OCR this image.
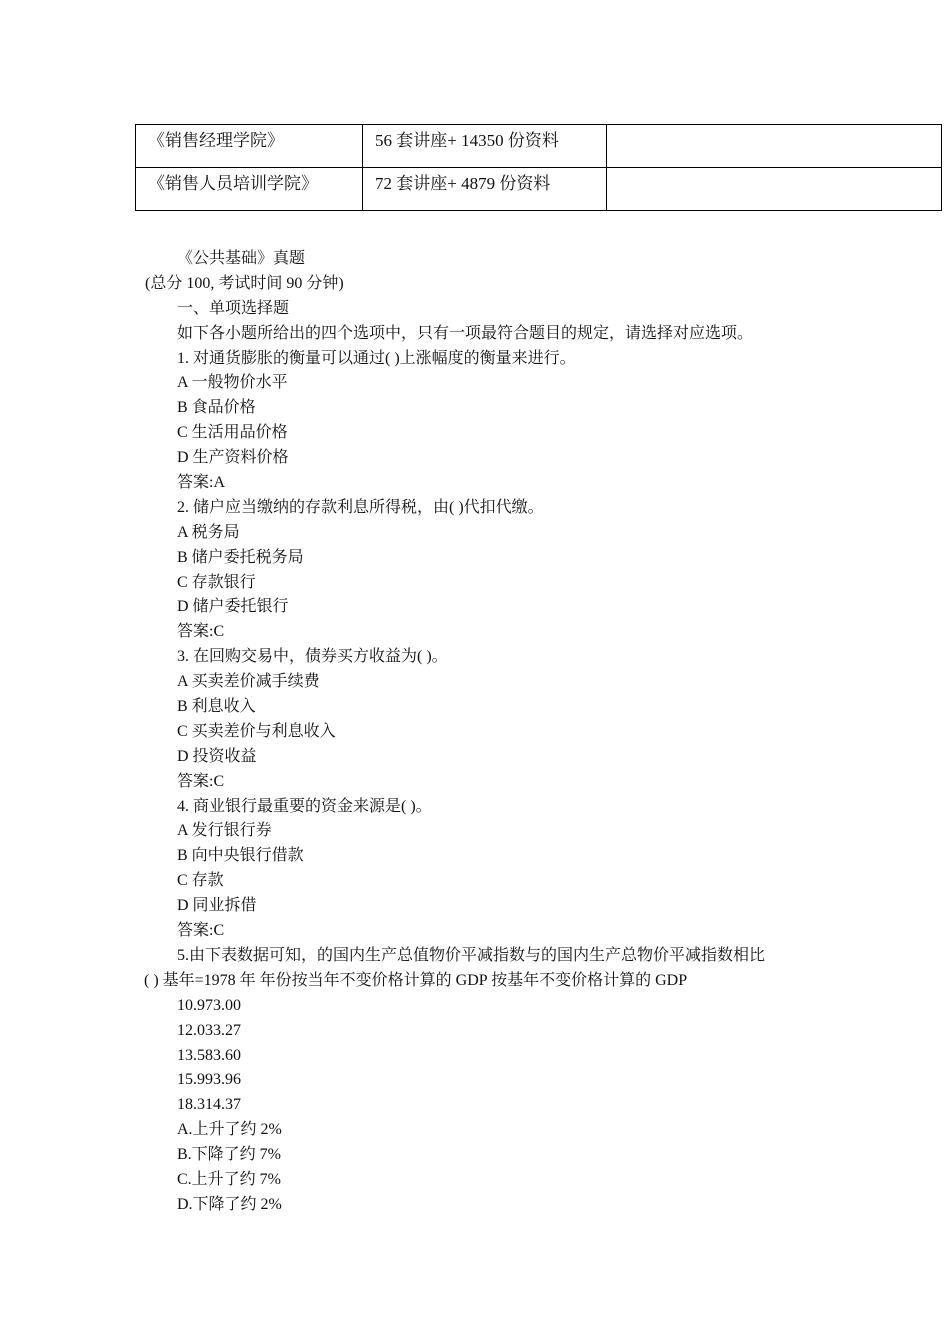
《销售经理学院》	56 套讲座+ 14350 份资料	
《销售人员培训学院》	72 套讲座+ 4879 份资料	
《公共基础》真题
(总分 100, 考试时间 90 分钟)
一、单项选择题
如下各小题所给出的四个选项中，只有一项最符合题目的规定，请选择对应选项。
1. 对通货膨胀的衡量可以通过( )上涨幅度的衡量来进行。
A 一般物价水平
B 食品价格
C 生活用品价格
D 生产资料价格
答案:A
2. 储户应当缴纳的存款利息所得税，由( )代扣代缴。
A 税务局
B 储户委托税务局
C 存款银行
D 储户委托银行
答案:C
3. 在回购交易中，债券买方收益为( )。
A 买卖差价减手续费
B 利息收入
C 买卖差价与利息收入
D 投资收益
答案:C
4. 商业银行最重要的资金来源是( )。
A 发行银行券
B 向中央银行借款
C 存款
D 同业拆借
答案:C
5.由下表数据可知，的国内生产总值物价平减指数与的国内生产总物价平减指数相比
( ) 基年=1978 年 年份按当年不变价格计算的 GDP 按基年不变价格计算的 GDP
10.973.00
12.033.27
13.583.60
15.993.96
18.314.37
A.上升了约 2%
B.下降了约 7%
C.上升了约 7%
D.下降了约 2%
